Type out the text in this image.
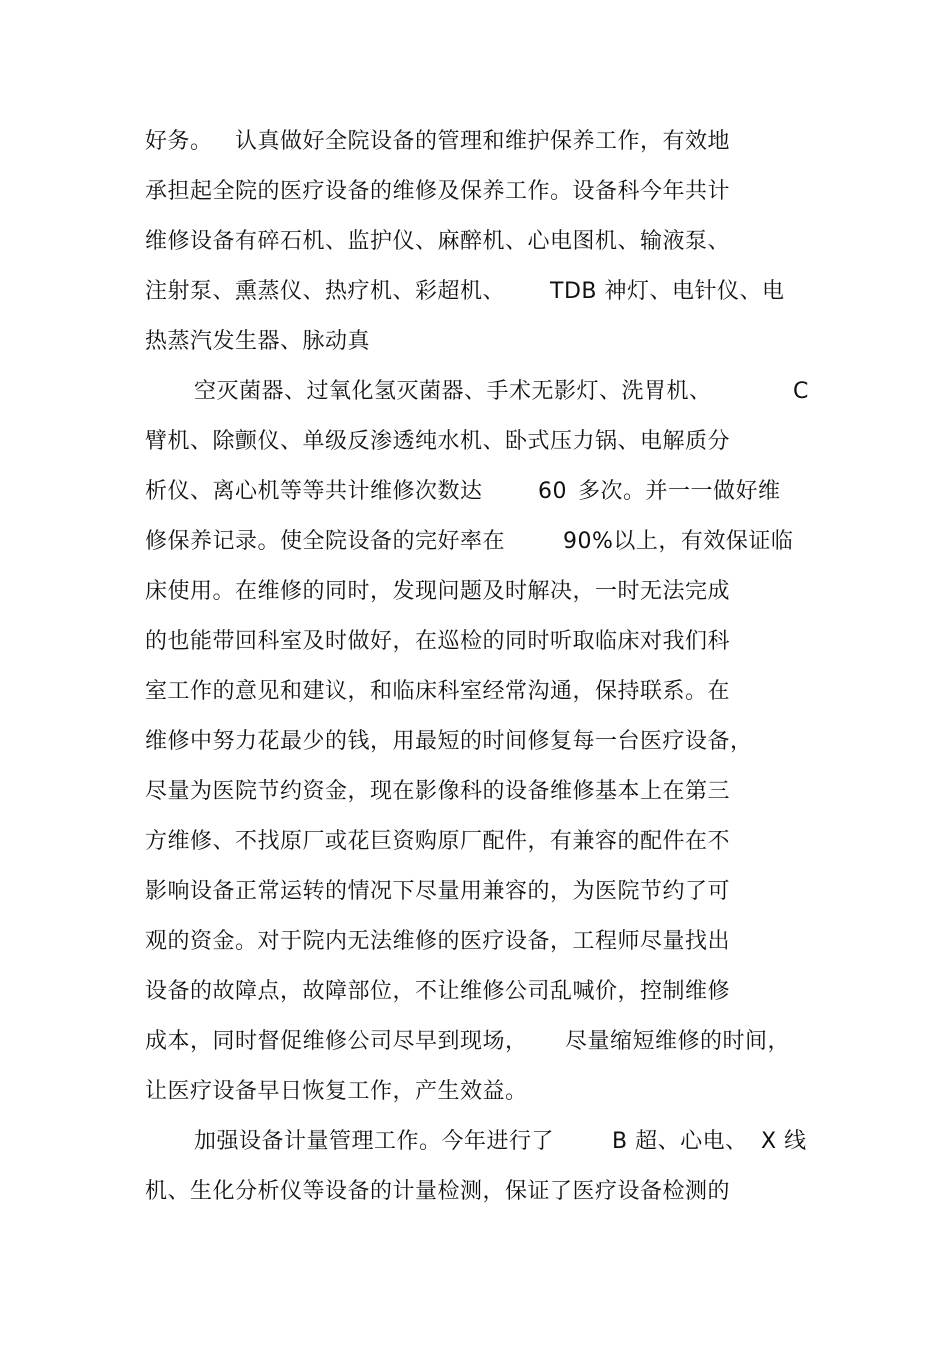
好务。

认真做好全院设备的管理和维护保养工作，有效地

承担起全院的医疗设备的维修及保养工作。设备科今年共计

维修设备有碎石机、监护仪、麻醉机、心电图机、输液泵、

注射泵、熏蒸仪、热疗机、彩超机、

TDB 神灯、电针仪、电

热蒸汽发生器、脉动真

空灭菌器、过氧化氢灭菌器、手术无影灯、洗胃机、

	C

臂机、除颤仪、单级反渗透纯水机、卧式压力锅、电解质分

析仪、离心机等等共计维修次数达

	60

多次。并一一做好维

修保养记录。使全院设备的完好率在

	90%以上，有效保证临

床使用。在维修的同时，发现问题及时解决，一时无法完成

的也能带回科室及时做好，在巡检的同时听取临床对我们科

室工作的意见和建议，和临床科室经常沟通，保持联系。在

维修中努力花最少的钱，用最短的时间修复每一台医疗设备，

尽量为医院节约资金，现在影像科的设备维修基本上在第三

方维修、不找原厂或花巨资购原厂配件，有兼容的配件在不

影响设备正常运转的情况下尽量用兼容的，为医院节约了可

观的资金。对于院内无法维修的医疗设备，工程师尽量找出

设备的故障点，故障部位，不让维修公司乱喊价，控制维修

成本，同时督促维修公司尽早到现场，

尽量缩短维修的时间，

让医疗设备早日恢复工作，产生效益。

加强设备计量管理工作。今年进行了

	B 超、心电、

X 线

机、生化分析仪等设备的计量检测，保证了医疗设备检测的
